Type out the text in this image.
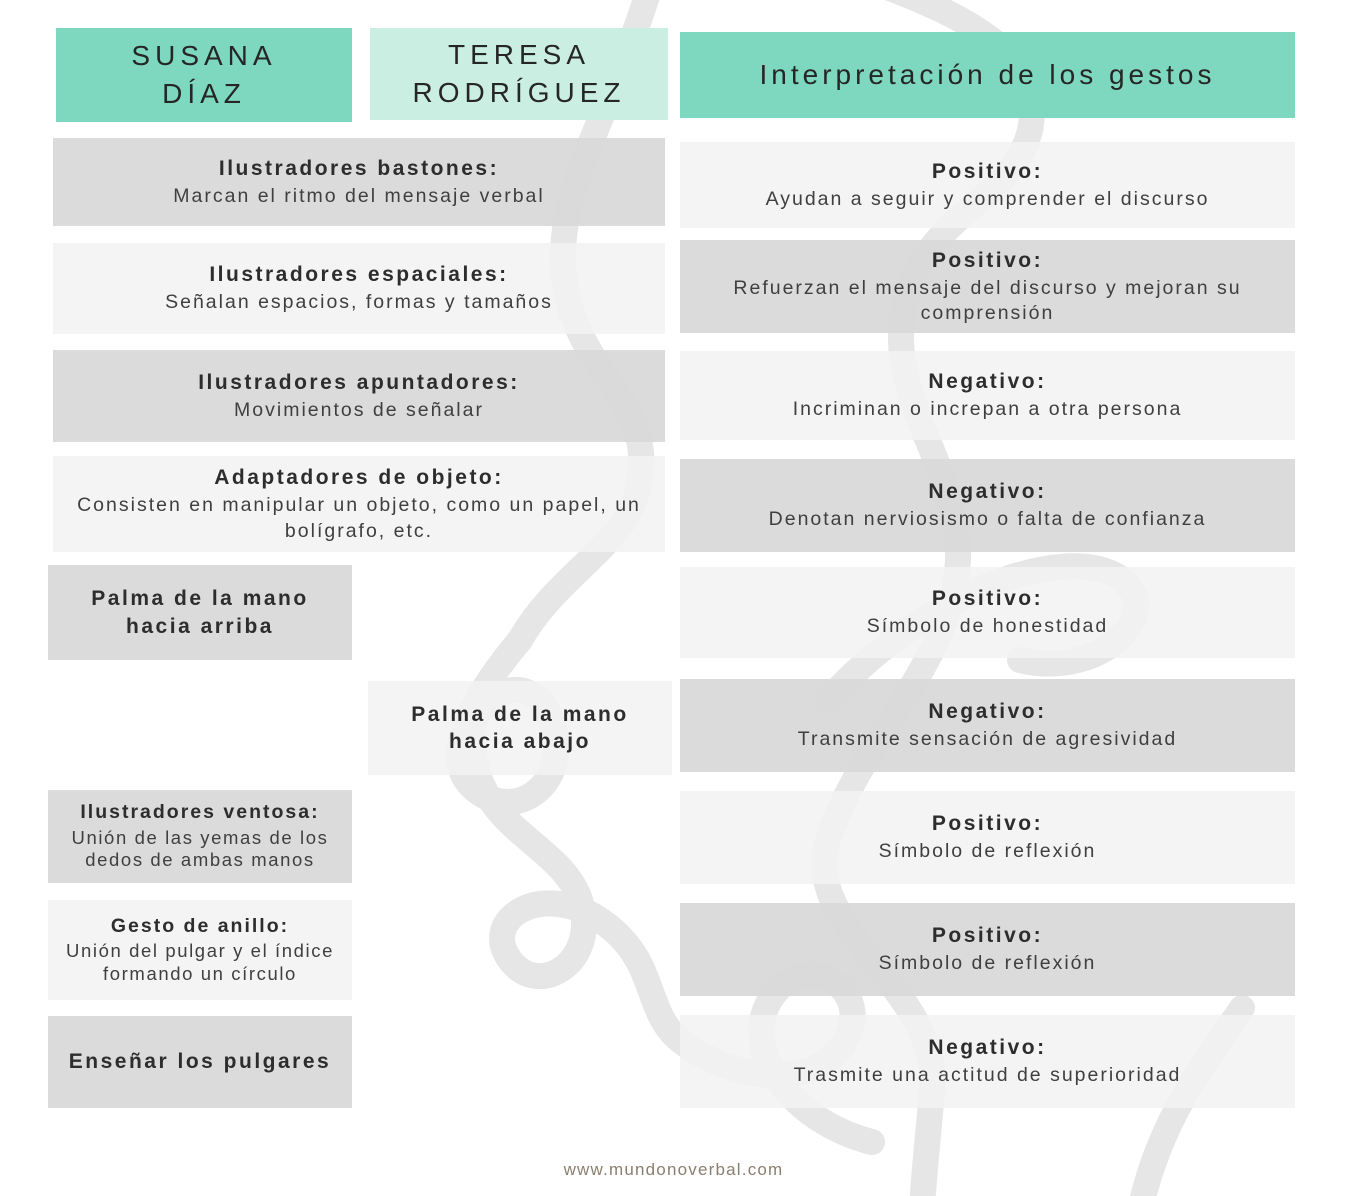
SUSANA
DÍAZ
TERESA
RODRÍGUEZ
Interpretación de los gestos
Ilustradores bastones:
Marcan el ritmo del mensaje verbal
Positivo:
Ayudan a seguir y comprender el discurso
Ilustradores espaciales:
Señalan espacios, formas y tamaños
Positivo:
Refuerzan el mensaje del discurso y mejoran su comprensión
Ilustradores apuntadores:
Movimientos de señalar
Negativo:
Incriminan o increpan a otra persona
Adaptadores de objeto:
Consisten en manipular un objeto, como un papel, un bolígrafo, etc.
Negativo:
Denotan nerviosismo o falta de confianza
Palma de la mano hacia arriba
Positivo:
Símbolo de honestidad
Palma de la mano hacia abajo
Negativo:
Transmite sensación de agresividad
Ilustradores ventosa:
Unión de las yemas de los dedos de ambas manos
Positivo:
Símbolo de reflexión
Gesto de anillo:
Unión del pulgar y el índice formando un círculo
Positivo:
Símbolo de reflexión
Enseñar los pulgares
Negativo:
Trasmite una actitud de superioridad
www.mundonoverbal.com
